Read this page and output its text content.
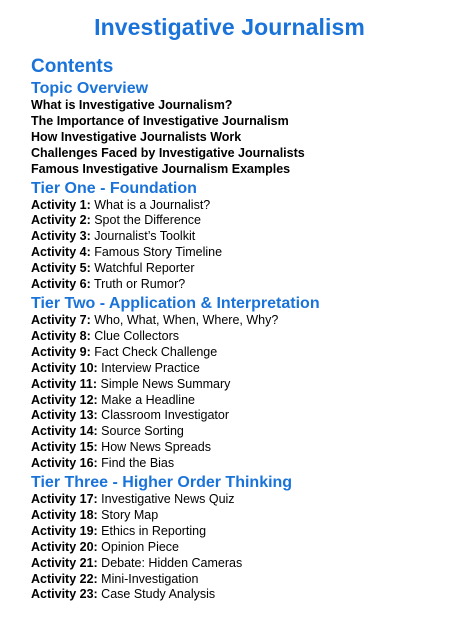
Investigative Journalism
Contents
Topic Overview
What is Investigative Journalism?
The Importance of Investigative Journalism
How Investigative Journalists Work
Challenges Faced by Investigative Journalists
Famous Investigative Journalism Examples
Tier One - Foundation
Activity 1: What is a Journalist?
Activity 2: Spot the Difference
Activity 3: Journalist’s Toolkit
Activity 4: Famous Story Timeline
Activity 5: Watchful Reporter
Activity 6: Truth or Rumor?
Tier Two - Application & Interpretation
Activity 7: Who, What, When, Where, Why?
Activity 8: Clue Collectors
Activity 9: Fact Check Challenge
Activity 10: Interview Practice
Activity 11: Simple News Summary
Activity 12: Make a Headline
Activity 13: Classroom Investigator
Activity 14: Source Sorting
Activity 15: How News Spreads
Activity 16: Find the Bias
Tier Three - Higher Order Thinking
Activity 17: Investigative News Quiz
Activity 18: Story Map
Activity 19: Ethics in Reporting
Activity 20: Opinion Piece
Activity 21: Debate: Hidden Cameras
Activity 22: Mini-Investigation
Activity 23: Case Study Analysis
